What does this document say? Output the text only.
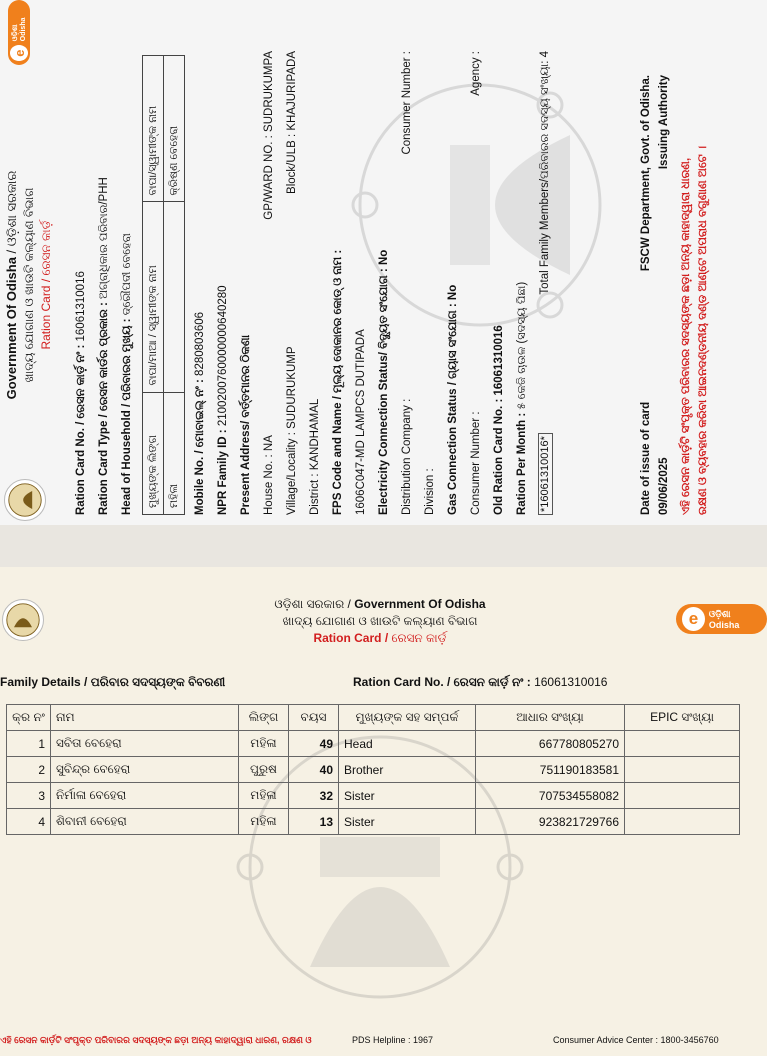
e
ଓଡ଼ିଶା Odisha
Government Of Odisha / ଓଡ଼ିଶା ସରକାର ଖାଦ୍ୟ ଯୋଗାଣ ଓ ଖାଉଟି କଲ୍ୟାଣ ବିଭାଗ Ration Card / ରେସନ କାର୍ଡ଼
Ration Card No. / ରେସନ କାର୍ଡ଼ ନଂ :

16061310016 Ration Card Type / ରେସନ କାର୍ଡର ପ୍ରକାର :

ଅଗ୍ରାଧିକାର ପରିବାର/PHH
Head of Household / ପରିବାରର ମୁଖ୍ୟ :

ଦ୍ରୌପଦୀ ବେହେରା
ମୁଖ୍ୟଙ୍କ ଲିଙ୍ଗ	ବାପା/ମାଆ / ସ୍ୱାମୀଙ୍କ ନାମ	ବାପା/ସ୍ୱାମୀଙ୍କ ନାମ
ମହିଳା		କ୍ରିଷ୍ଣ ବେହେରା
Mobile No. / ମୋବାଇଲ୍ ନଂ :

8280803606
NPR Family ID :

2100200760000000640280 Present Address/ ବର୍ତ୍ତମାନର ଠିକଣା House No. : NA
GP/WARD NO. : SUDRUKUMPA
Village/Locality : SUDURUKUMP
Block/ULB : KHAJURIPADA
District : KANDHAMAL FPS Code and Name / ମୂଲ୍ୟ ଦୋକାନର କୋଡ୍ ଓ ନାମ : 1606C047-MD LAMPCS DUTIPADA Electricity Connection Status/ ବିଦ୍ୟୁତ ସଂଯୋଗ : No Distribution Company :
Consumer Number :
Division : Gas Connection Status / ଗ୍ୟାସ ସଂଯୋଗ : No Consumer Number :
Agency :
Old Ration Card No. : 16061310016 Ration Per Month :

୫ କେଜି ଚାଉଳ (ସଦସ୍ୟ ପିଛା)
*16061310016*
Total Family Members/ପରିବାରର ସଦସ୍ୟ ସଂଖ୍ୟା: 4
Date of issue of card
FSCW Department, Govt. of Odisha.
09/06/2025
Issuing Authority
ଏହି ରେସନ କାର୍ଡ଼ଟି ସଂପୃକ୍ତ ପରିବାରର ସଦସ୍ୟଙ୍କ ଛଡ଼ା ଅନ୍ୟ କାହାଦ୍ୱାରା ଧାରଣ, ରକ୍ଷଣ ଓ ବ୍ୟବହାର କରିବା ଆଇନଦଣ୍ଡନୀୟ ଦଣ୍ଡ ଆଣ୍ଟେ ଅପରାଧ ବଗୁଣାଣ ଅଟେ ।
e	ଓଡ଼ିଶା Odisha
ଓଡ଼ିଶା ସରକାର / Government Of Odisha
ଖାଦ୍ୟ ଯୋଗାଣ ଓ ଖାଉଟି କଲ୍ୟାଣ ବିଭାଗ
Ration Card / ରେସନ କାର୍ଡ଼
Family Details / ପରିବାର ସଦସ୍ୟଙ୍କ ବିବରଣୀ	Ration Card No. / ରେସନ କାର୍ଡ଼ ନଂ : 16061310016
କ୍ର ନଂ	ନାମ	ଲିଙ୍ଗ	ବୟସ	ମୁଖ୍ୟଙ୍କ ସହ ସମ୍ପର୍କ	ଆଧାର ସଂଖ୍ୟା	EPIC ସଂଖ୍ୟା
1	ସବିତା ବେହେରା	ମହିଳା	49	Head	667780805270	
2	ସୁବିନ୍ଦ୍ର ବେହେରା	ପୁରୁଷ	40	Brother	751190183581	
3	ନିର୍ମାଳା ବେହେରା	ମହିଳା	32	Sister	707534558082	
4	ଶିବାନୀ ବେହେରା	ମହିଳା	13	Sister	923821729766	
ଏହି ରେସନ କାର୍ଡ଼ଟି ସଂପୃକ୍ତ ପରିବାରର ସଦସ୍ୟଙ୍କ ଛଡ଼ା ଅନ୍ୟ କାହାଦ୍ୱାରା ଧାରଣ, ରକ୍ଷଣ ଓ	PDS Helpline : 1967	Consumer Advice Center : 1800-3456760
